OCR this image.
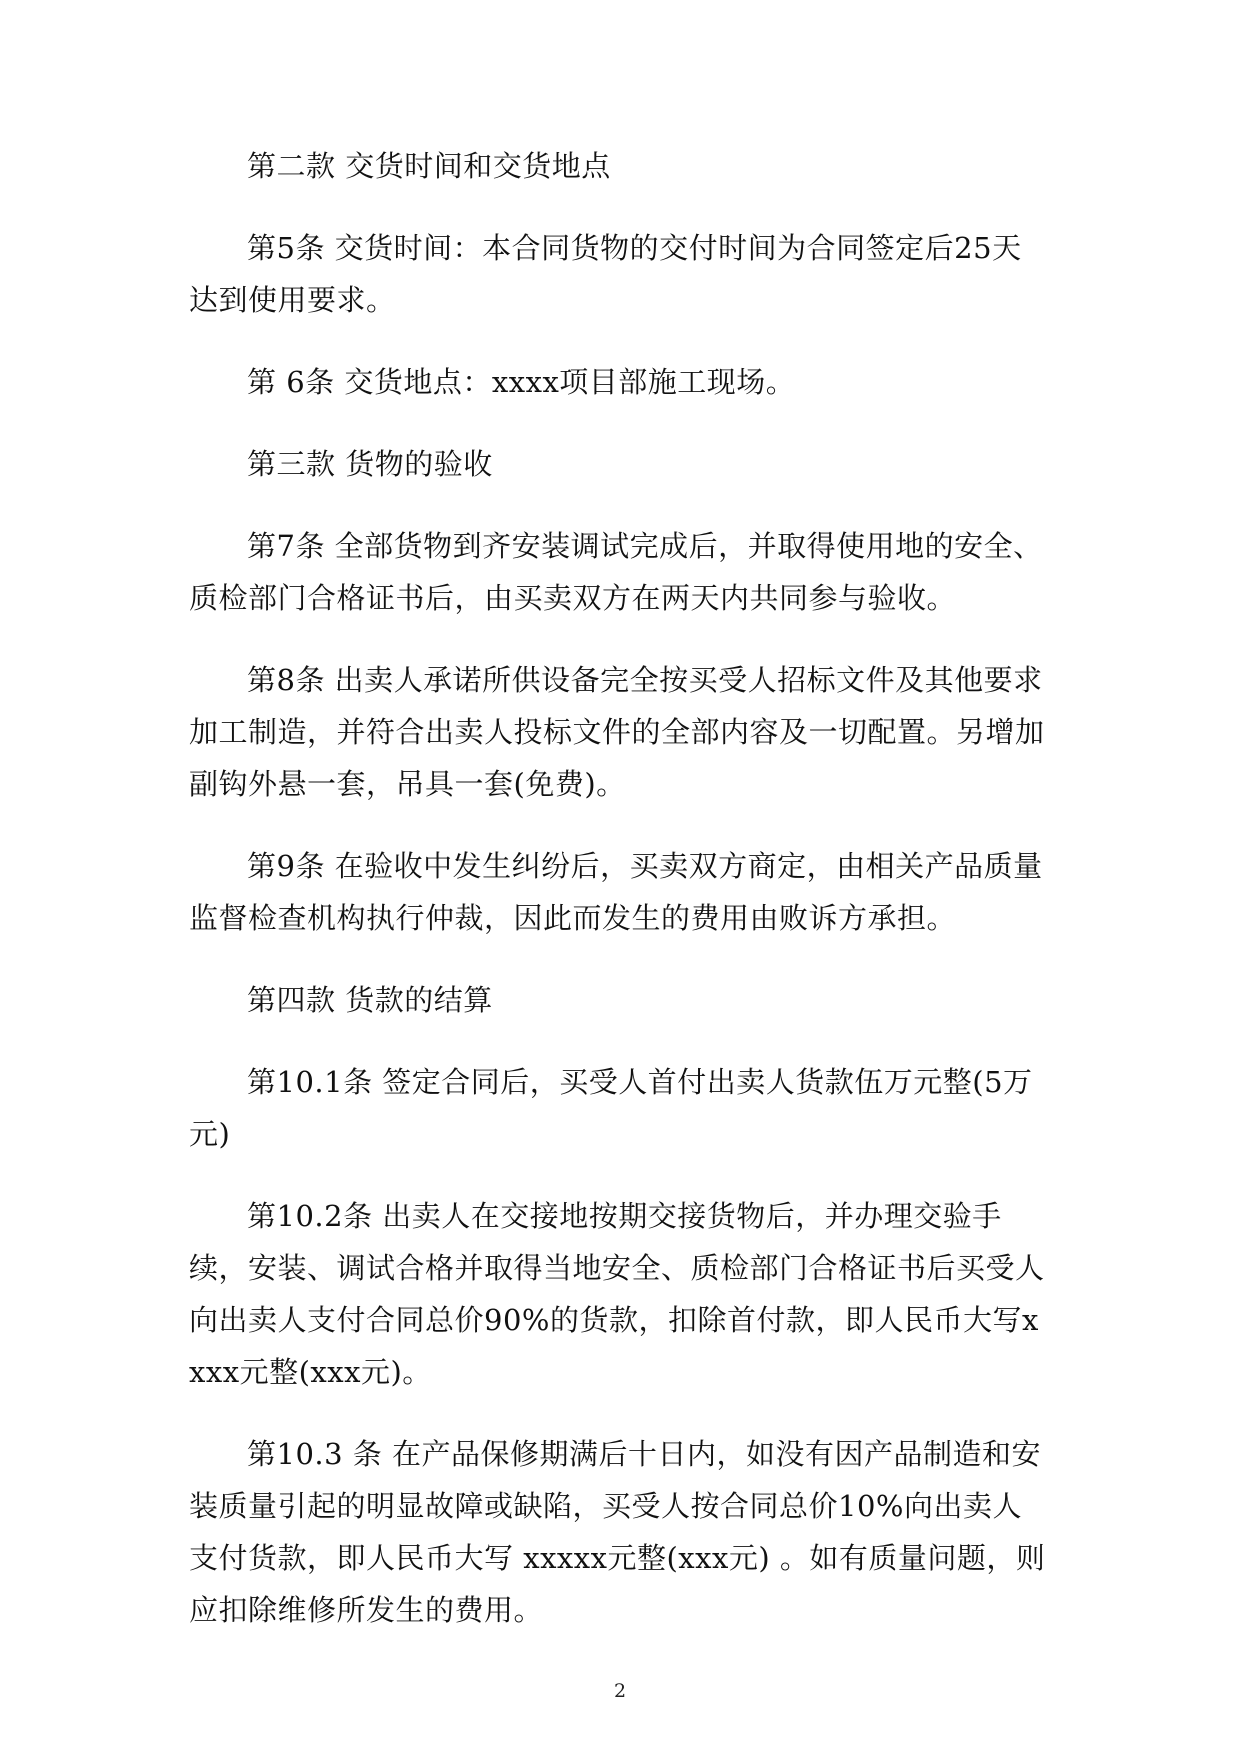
第二款 交货时间和交货地点

第5条 交货时间：本合同货物的交付时间为合同签定后25天达到使用要求。

第 6条 交货地点：xxxx项目部施工现场。

第三款 货物的验收

第7条 全部货物到齐安装调试完成后，并取得使用地的安全、质检部门合格证书后，由买卖双方在两天内共同参与验收。

第8条 出卖人承诺所供设备完全按买受人招标文件及其他要求加工制造，并符合出卖人投标文件的全部内容及一切配置。另增加副钩外悬一套，吊具一套(免费)。

第9条 在验收中发生纠纷后，买卖双方商定，由相关产品质量监督检查机构执行仲裁，因此而发生的费用由败诉方承担。

第四款 货款的结算

第10.1条 签定合同后，买受人首付出卖人货款伍万元整(5万元)

第10.2条 出卖人在交接地按期交接货物后，并办理交验手续，安装、调试合格并取得当地安全、质检部门合格证书后买受人向出卖人支付合同总价90%的货款，扣除首付款，即人民币大写xxxx元整(xxx元)。

第10.3 条 在产品保修期满后十日内，如没有因产品制造和安装质量引起的明显故障或缺陷，买受人按合同总价10%向出卖人支付货款，即人民币大写 xxxxx元整(xxx元) 。如有质量问题，则应扣除维修所发生的费用。

2
